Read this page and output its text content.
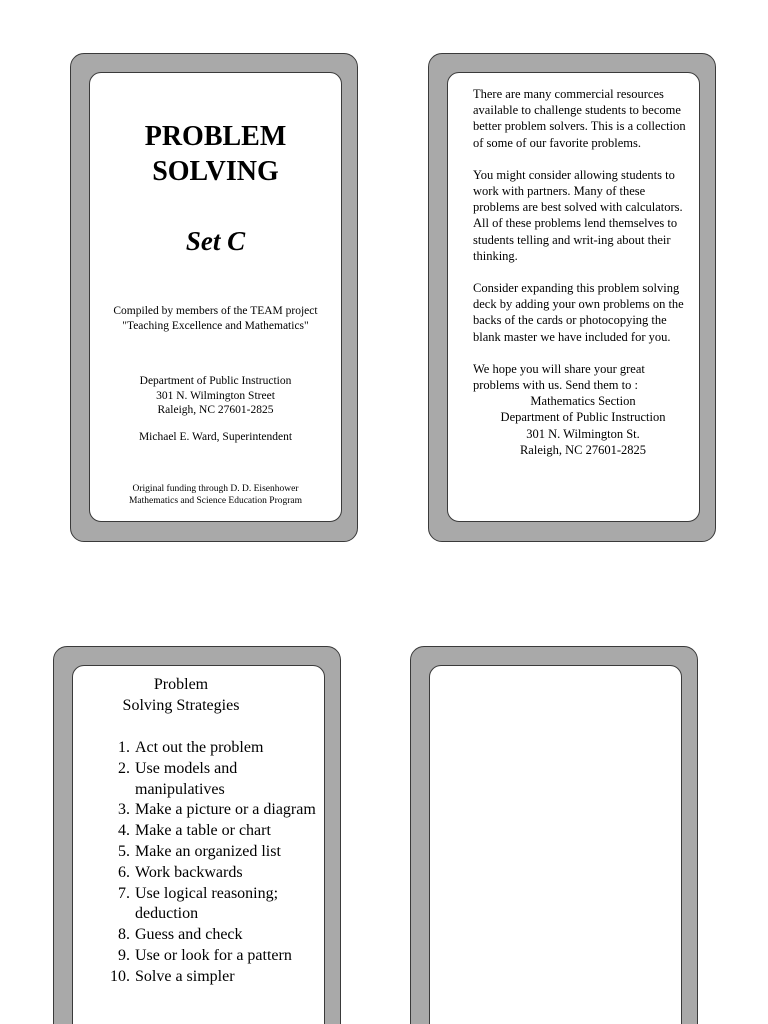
PROBLEM
SOLVING
Set C
Compiled by members of the TEAM project
"Teaching Excellence and Mathematics"
Department of Public Instruction
301 N. Wilmington Street
Raleigh, NC 27601-2825
Michael E. Ward, Superintendent
Original funding through D. D. Eisenhower
Mathematics and Science Education Program

There are many commercial resources available to challenge students to become better problem solvers. This is a collection of some of our favorite problems.

You might consider allowing students to work with partners. Many of these problems are best solved with calculators. All of these problems lend themselves to students telling and writ-ing about their thinking.

Consider expanding this problem solving deck by adding your own problems on the backs of the cards or photocopying the blank master we have included for you.

We hope you will share your great problems with us. Send them to :

Mathematics Section
Department of Public Instruction
301 N. Wilmington St.
Raleigh, NC 27601-2825
Problem
Solving Strategies
1. Act out the problem
2. Use models and manipulatives
3. Make a picture or a diagram
4. Make a table or chart
5. Make an organized list
6. Work backwards
7. Use logical reasoning; deduction
8. Guess and check
9. Use or look for a pattern
10. Solve a simpler
